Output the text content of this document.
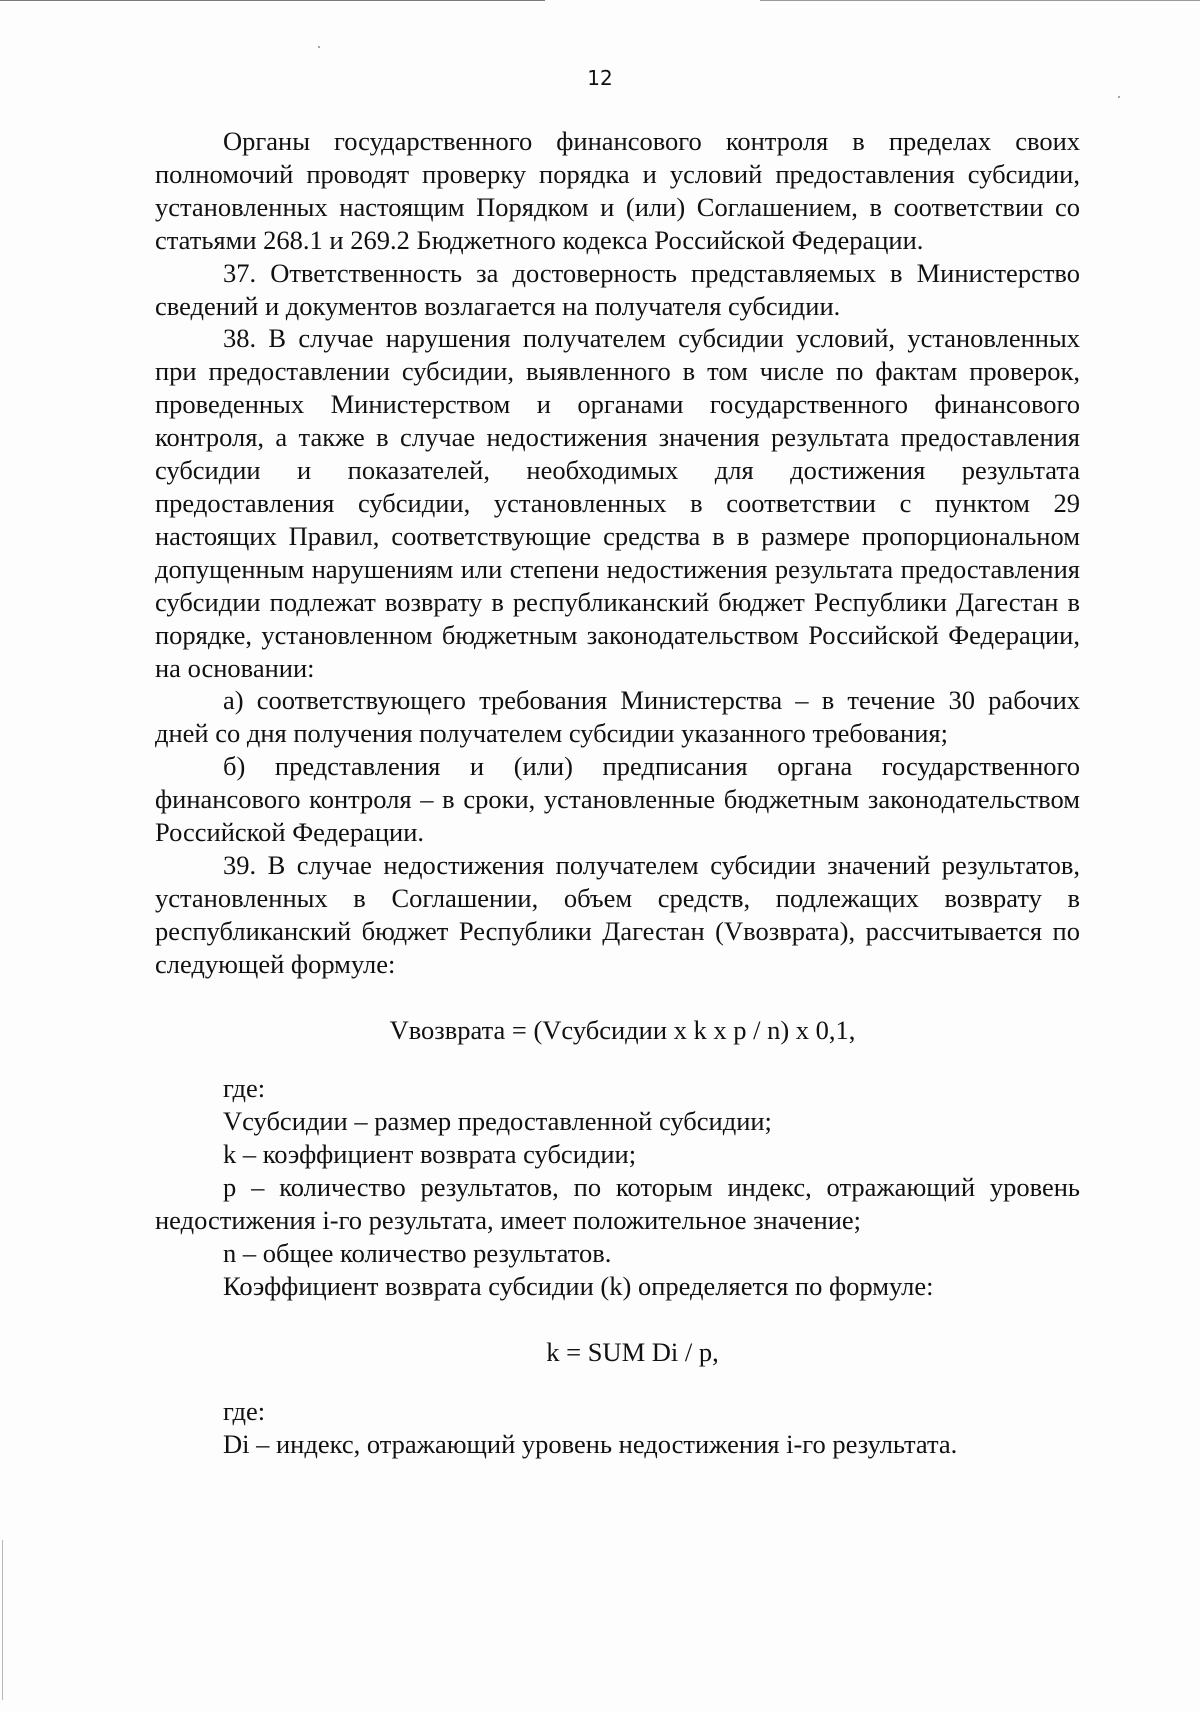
12

Органы государственного финансового контроля в пределах своих полномочий проводят проверку порядка и условий предоставления субсидии, установленных настоящим Порядком и (или) Соглашением, в соответствии со статьями 268.1 и 269.2 Бюджетного кодекса Российской Федерации.

37. Ответственность за достоверность представляемых в Министерство сведений и документов возлагается на получателя субсидии.

38. В случае нарушения получателем субсидии условий, установленных при предоставлении субсидии, выявленного в том числе по фактам проверок, проведенных Министерством и органами государственного финансового контроля, а также в случае недостижения значения результата предоставления субсидии и показателей, необходимых для достижения результата предоставления субсидии, установленных в соответствии с пунктом 29 настоящих Правил, соответствующие средства в в размере пропорциональном допущенным нарушениям или степени недостижения результата предоставления субсидии подлежат возврату в республиканский бюджет Республики Дагестан в порядке, установленном бюджетным законодательством Российской Федерации, на основании:

а) соответствующего требования Министерства – в течение 30 рабочих дней со дня получения получателем субсидии указанного требования;

б) представления и (или) предписания органа государственного финансового контроля – в сроки, установленные бюджетным законодательством Российской Федерации.

39. В случае недостижения получателем субсидии значений результатов, установленных в Соглашении, объем средств, подлежащих возврату в республиканский бюджет Республики Дагестан (Vвозврата), рассчитывается по следующей формуле:

Vвозврата = (Vсубсидии x k x p / n) x 0,1,

где:

Vсубсидии – размер предоставленной субсидии;

k – коэффициент возврата субсидии;

p – количество результатов, по которым индекс, отражающий уровень недостижения i-го результата, имеет положительное значение;

n – общее количество результатов.

Коэффициент возврата субсидии (k) определяется по формуле:

k = SUM Di / p,

где:

Di – индекс, отражающий уровень недостижения i-го результата.
